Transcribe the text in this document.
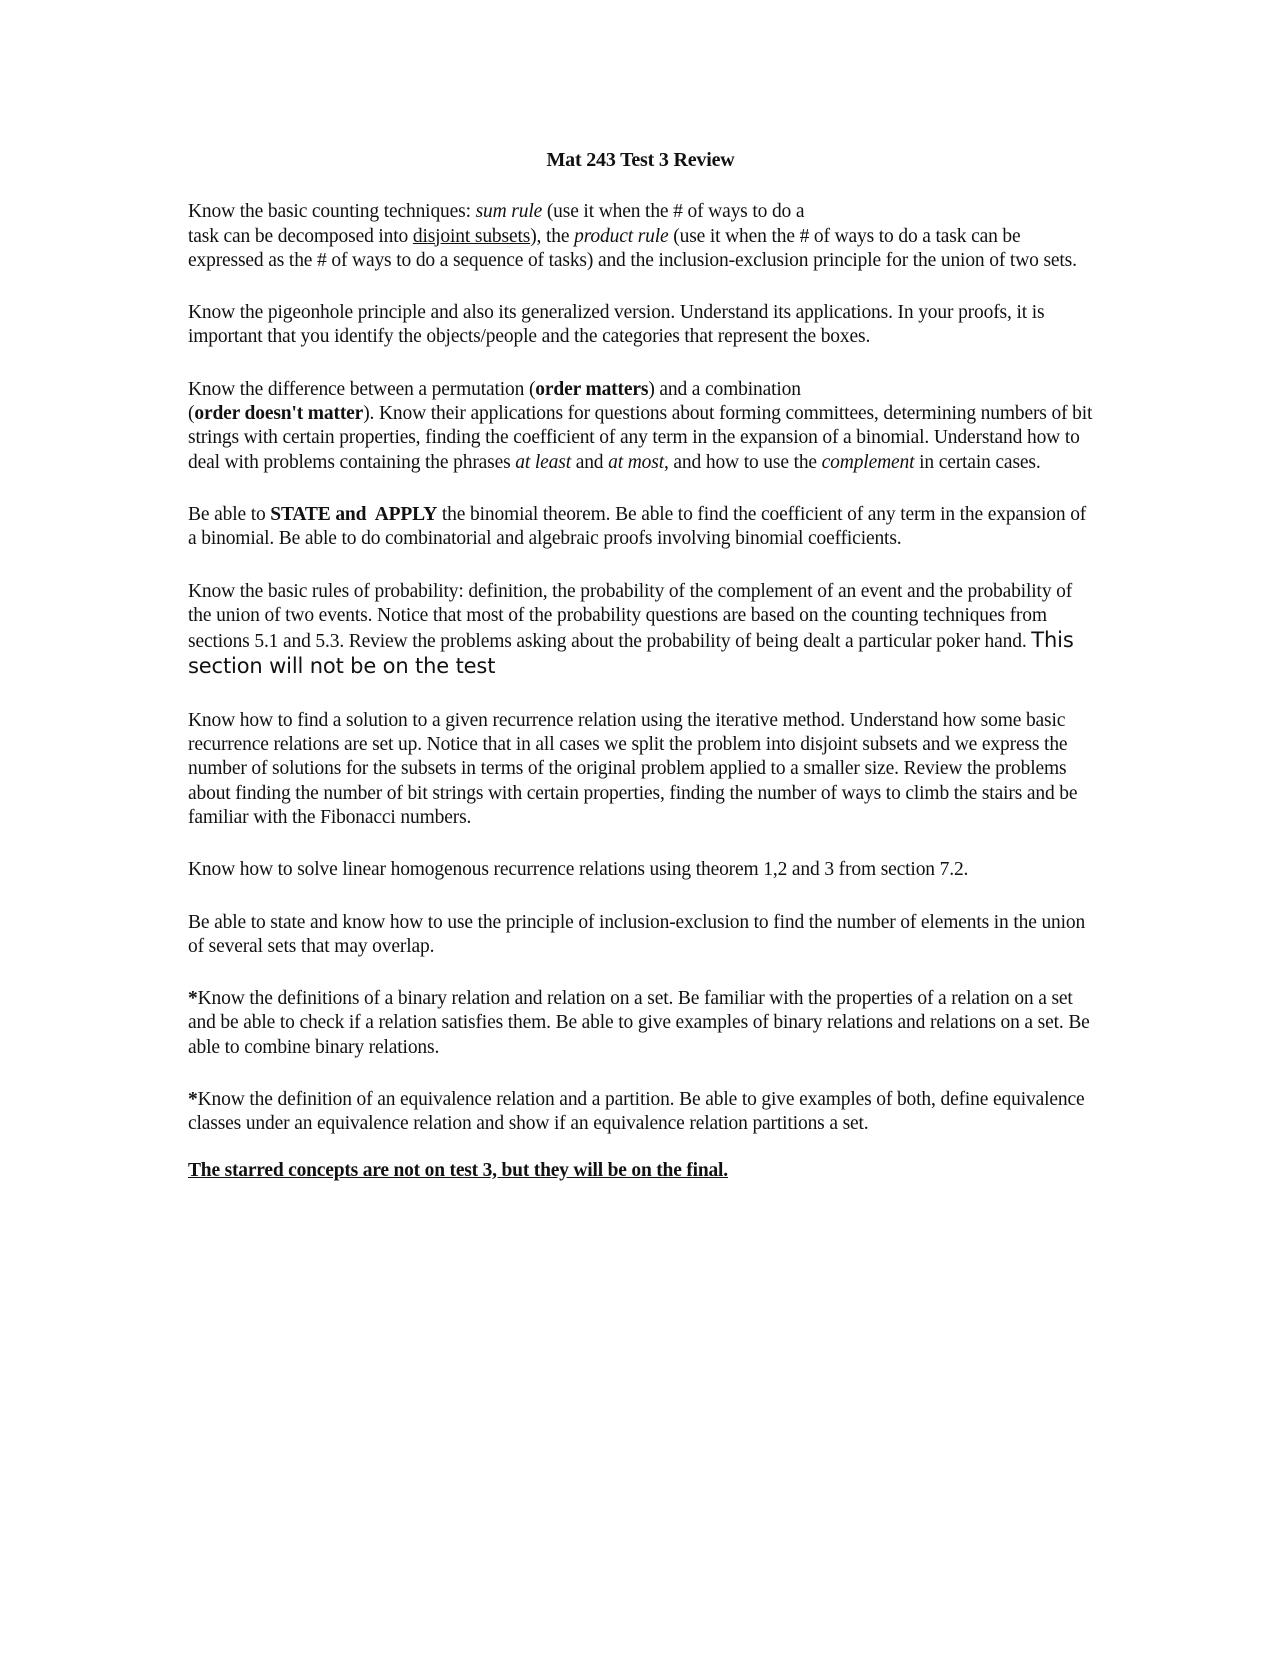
Mat 243 Test 3 Review
Know the basic counting techniques: sum rule (use it when the # of ways to do a
task can be decomposed into disjoint subsets), the product rule (use it when the # of ways to do a task can be expressed as the # of ways to do a sequence of tasks) and the inclusion-exclusion principle for the union of two sets.
Know the pigeonhole principle and also its generalized version. Understand its applications. In your proofs, it is important that you identify the objects/people and the categories that represent the boxes.
Know the difference between a permutation (order matters) and a combination
(order doesn't matter). Know their applications for questions about forming committees, determining numbers of bit strings with certain properties, finding the coefficient of any term in the expansion of a binomial. Understand how to deal with problems containing the phrases at least and at most, and how to use the complement in certain cases.
Be able to STATE and  APPLY the binomial theorem. Be able to find the coefficient of any term in the expansion of a binomial. Be able to do combinatorial and algebraic proofs involving binomial coefficients.
Know the basic rules of probability: definition, the probability of the complement of an event and the probability of the union of two events. Notice that most of the probability questions are based on the counting techniques from sections 5.1 and 5.3. Review the problems asking about the probability of being dealt a particular poker hand. This section will not be on the test
Know how to find a solution to a given recurrence relation using the iterative method. Understand how some basic recurrence relations are set up. Notice that in all cases we split the problem into disjoint subsets and we express the number of solutions for the subsets in terms of the original problem applied to a smaller size. Review the problems about finding the number of bit strings with certain properties, finding the number of ways to climb the stairs and be familiar with the Fibonacci numbers.
Know how to solve linear homogenous recurrence relations using theorem 1,2 and 3 from section 7.2.
Be able to state and know how to use the principle of inclusion-exclusion to find the number of elements in the union of several sets that may overlap.
*Know the definitions of a binary relation and relation on a set. Be familiar with the properties of a relation on a set and be able to check if a relation satisfies them. Be able to give examples of binary relations and relations on a set. Be able to combine binary relations.
*Know the definition of an equivalence relation and a partition. Be able to give examples of both, define equivalence classes under an equivalence relation and show if an equivalence relation partitions a set.
The starred concepts are not on test 3, but they will be on the final.
